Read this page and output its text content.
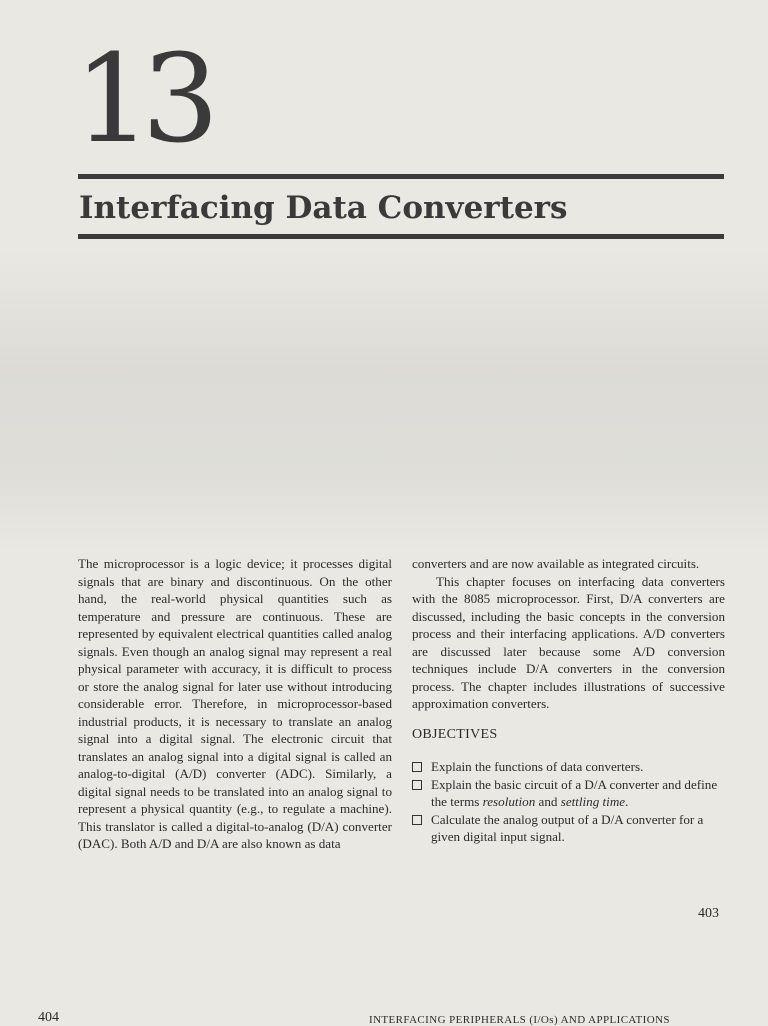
13
Interfacing Data Converters

The microprocessor is a logic device; it processes digital signals that are binary and discontinuous. On the other hand, the real-world physical quantities such as temperature and pressure are continuous. These are represented by equivalent electrical quantities called analog signals. Even though an analog signal may represent a real physical parameter with accuracy, it is difficult to process or store the analog signal for later use without introducing considerable error. Therefore, in microprocessor-based industrial products, it is necessary to translate an analog signal into a digital signal. The electronic circuit that translates an analog signal into a digital signal is called an analog-to-digital (A/D) converter (ADC). Similarly, a digital signal needs to be translated into an analog signal to represent a physical quantity (e.g., to regulate a machine). This translator is called a digital-to-analog (D/A) converter (DAC). Both A/D and D/A are also known as data

converters and are now available as integrated circuits.

This chapter focuses on interfacing data converters with the 8085 microprocessor. First, D/A converters are discussed, including the basic concepts in the conversion process and their interfacing applications. A/D converters are discussed later because some A/D conversion techniques include D/A converters in the conversion process. The chapter includes illustrations of successive approximation converters.

OBJECTIVES

Explain the functions of data converters.
Explain the basic circuit of a D/A converter and define the terms resolution and settling time.
Calculate the analog output of a D/A converter for a given digital input signal.
403
404	INTERFACING PERIPHERALS (I/Os) AND APPLICATIONS
